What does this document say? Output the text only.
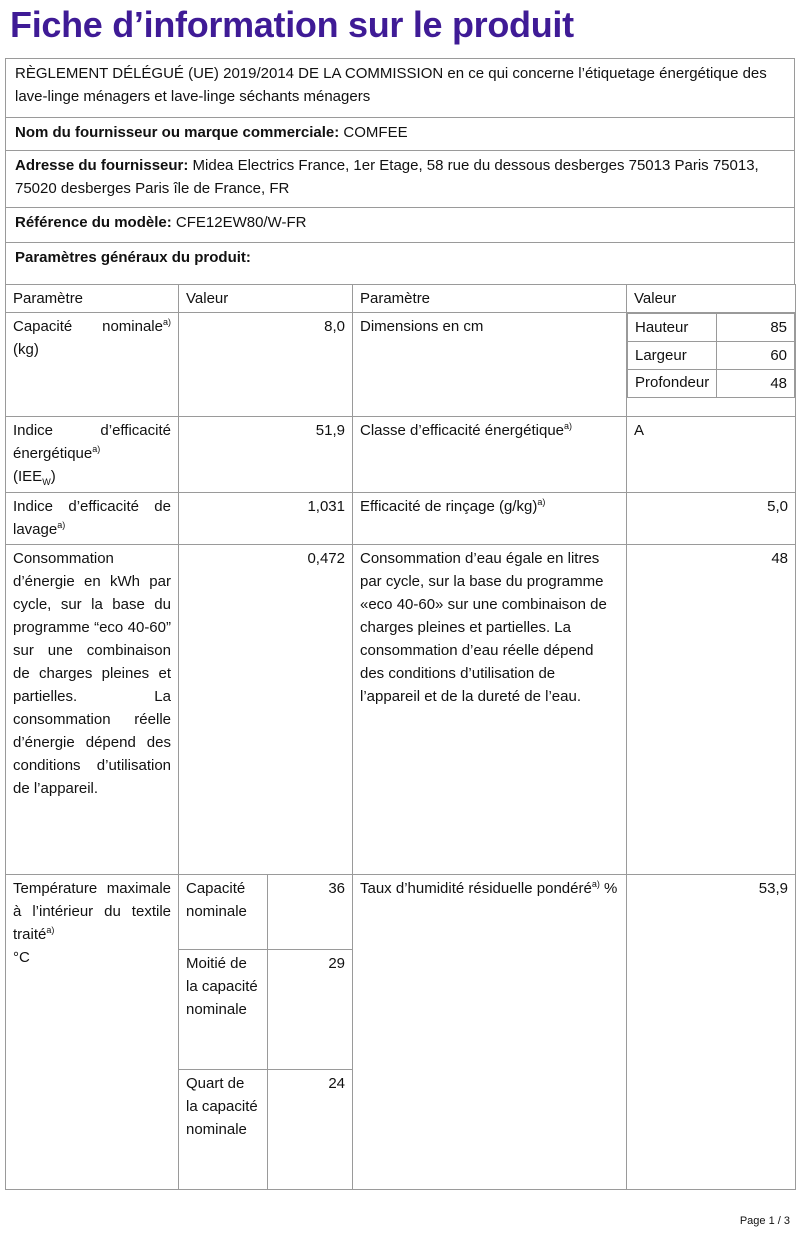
Fiche d’information sur le produit
RÈGLEMENT DÉLÉGUÉ (UE) 2019/2014 DE LA COMMISSION en ce qui concerne l’étiquetage énergétique des lave-linge ménagers et lave-linge séchants ménagers
Nom du fournisseur ou marque commerciale: COMFEE
Adresse du fournisseur: Midea Electrics France, 1er Etage, 58 rue du dessous desberges 75013 Paris 75013, 75020 desberges Paris île de France, FR
Référence du modèle: CFE12EW80/W-FR
Paramètres généraux du produit:
Paramètre	Valeur	Paramètre	Valeur
Capacité nominale$^{a)}$ (kg)	8,0	Dimensions en cm		Hauteur	85
Largeur	60
Profondeur	48

Indice d’efficacité énergétique$^{a)}$
$(IEE_W)$	51,9	Classe d’efficacité énergétique$^{a)}$	A
Indice d’efficacité de lavage$^{a)}$	1,031	Efficacité de rinçage $(g/kg)^{a)}$	5,0
Consommation d’énergie en kWh par cycle, sur la base du programme “eco 40-60” sur une combinaison de charges pleines et partielles. La consommation réelle d’énergie dépend des conditions d’utilisation de l’appareil.	0,472	Consommation d’eau égale en litres par cycle, sur la base du programme «eco 40-60» sur une combinaison de charges pleines et partielles. La consommation d’eau réelle dépend des conditions d’utilisation de l’appareil et de la dureté de l’eau.	48
Température maximale à l’intérieur du textile traité$^{a)}$
°C	Capacité nominale	36	Taux d’humidité résiduelle pondéré$^{a)}$ %	53,9
Moitié de la capacité nominale	29
Quart de la capacité nominale	24
Page 1 / 3
